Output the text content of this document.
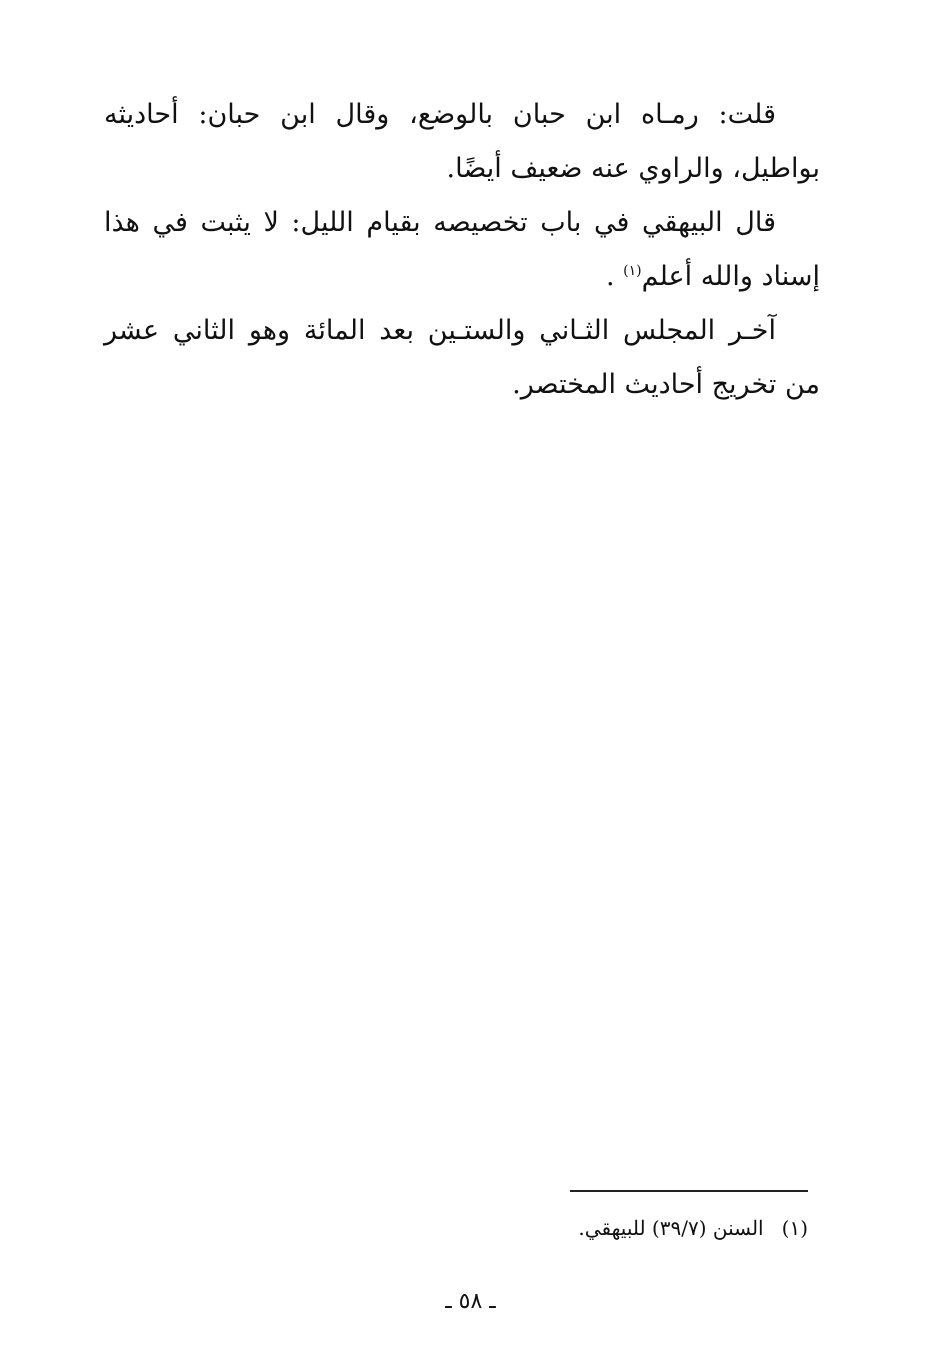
قلت: رمـاه ابن حبان بالوضع، وقال ابن حبان: أحاديثه بواطيل، والراوي عنه ضعيف أيضًا.

قال البيهقي في باب تخصيصه بقيام الليل: لا يثبت في هذا إسناد والله أعلم$^{(١)}$ .

آخـر المجلس الثـاني والستـين بعد المائة وهو الثاني عشر من تخريج أحاديث المختصر.

(١)السنن (٣٩/٧) للبيهقي.
ـ ٥٨ ـ
